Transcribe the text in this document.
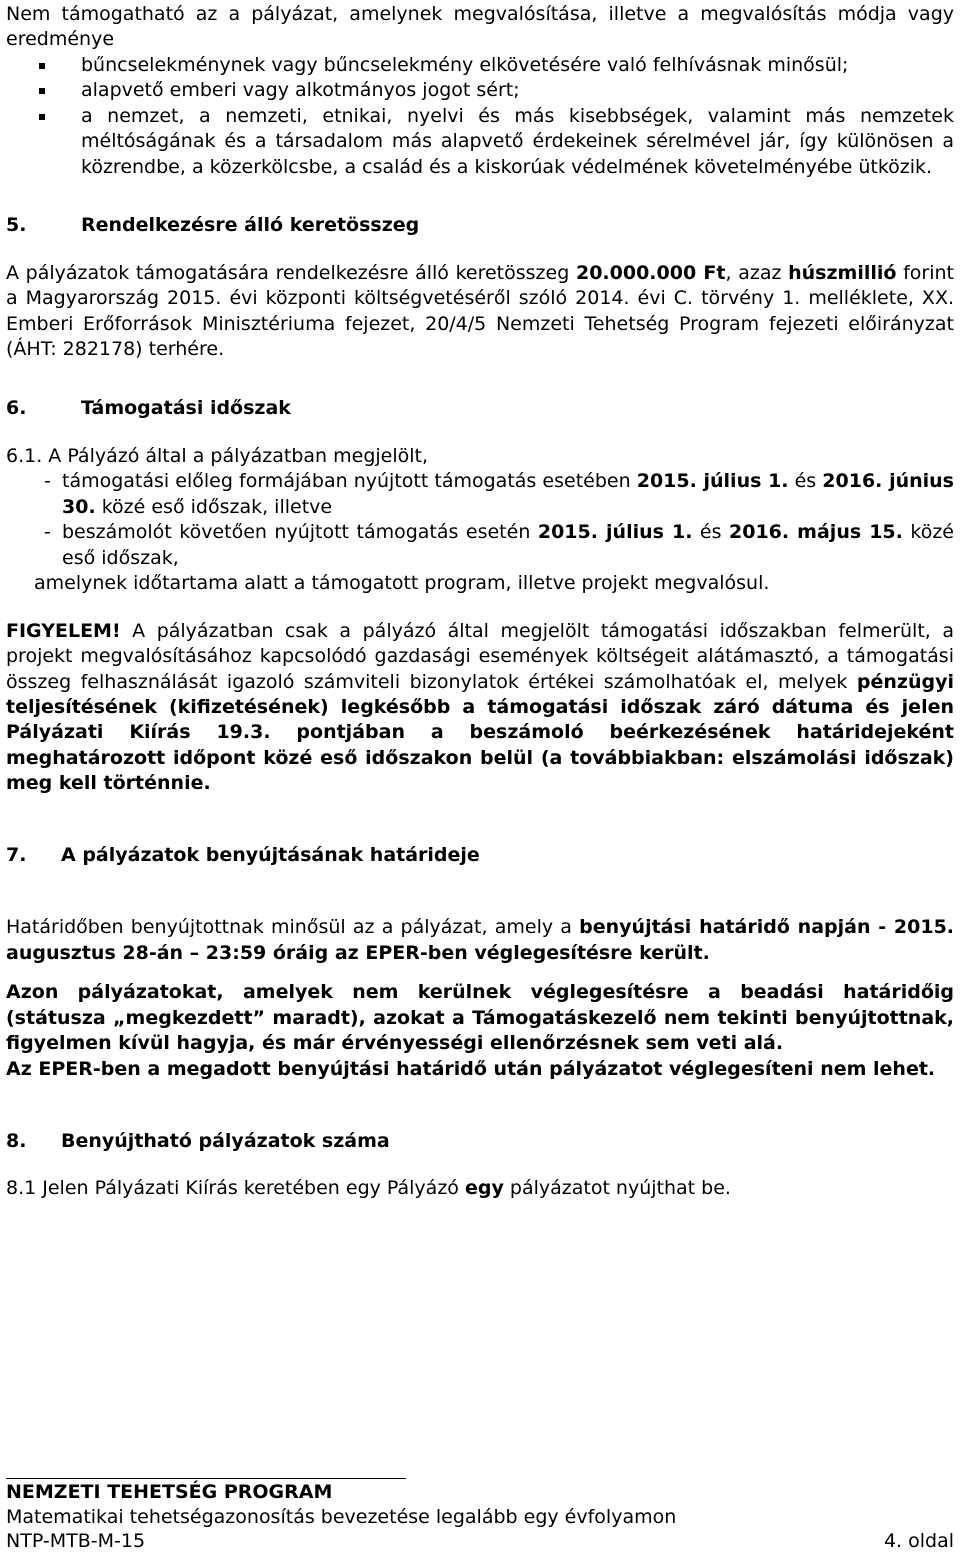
Nem támogatható az a pályázat, amelynek megvalósítása, illetve a megvalósítás módja vagy eredménye

bűncselekménynek vagy bűncselekmény elkövetésére való felhívásnak minősül;
alapvető emberi vagy alkotmányos jogot sért;
a nemzet, a nemzeti, etnikai, nyelvi és más kisebbségek, valamint más nemzetek méltóságának és a társadalom más alapvető érdekeinek sérelmével jár, így különösen a közrendbe, a közerkölcsbe, a család és a kiskorúak védelmének követelményébe ütközik.
5.	Rendelkezésre álló keretösszeg

A pályázatok támogatására rendelkezésre álló keretösszeg 20.000.000 Ft, azaz húszmillió forint a Magyarország 2015. évi központi költségvetéséről szóló 2014. évi C. törvény 1. melléklete, XX. Emberi Erőforrások Minisztériuma fejezet, 20/4/5 Nemzeti Tehetség Program fejezeti előirányzat (ÁHT: 282178) terhére.

6.	Támogatási időszak

6.1. A Pályázó által a pályázatban megjelölt,

- támogatási előleg formájában nyújtott támogatás esetében 2015. július 1. és 2016. június 30. közé eső időszak, illetve
- beszámolót követően nyújtott támogatás esetén 2015. július 1. és 2016. május 15. közé eső időszak,

amelynek időtartama alatt a támogatott program, illetve projekt megvalósul.

FIGYELEM! A pályázatban csak a pályázó által megjelölt támogatási időszakban felmerült, a projekt megvalósításához kapcsolódó gazdasági események költségeit alátámasztó, a támogatási összeg felhasználását igazoló számviteli bizonylatok értékei számolhatóak el, melyek pénzügyi teljesítésének (kifizetésének) legkésőbb a támogatási időszak záró dátuma és jelen Pályázati Kiírás 19.3. pontjában a beszámoló beérkezésének határidejeként meghatározott időpont közé eső időszakon belül (a továbbiakban: elszámolási időszak) meg kell történnie.

7.	A pályázatok benyújtásának határideje

Határidőben benyújtottnak minősül az a pályázat, amely a benyújtási határidő napján - 2015. augusztus 28-án – 23:59 óráig az EPER-ben véglegesítésre került.

Azon pályázatokat, amelyek nem kerülnek véglegesítésre a beadási határidőig (státusza „megkezdett” maradt), azokat a Támogatáskezelő nem tekinti benyújtottnak, figyelmen kívül hagyja, és már érvényességi ellenőrzésnek sem veti alá.

Az EPER-ben a megadott benyújtási határidő után pályázatot véglegesíteni nem lehet.

8.	Benyújtható pályázatok száma

8.1 Jelen Pályázati Kiírás keretében egy Pályázó egy pályázatot nyújthat be.

NEMZETI TEHETSÉG PROGRAM
Matematikai tehetségazonosítás bevezetése legalább egy évfolyamon
NTP-MTB-M-15	4. oldal
